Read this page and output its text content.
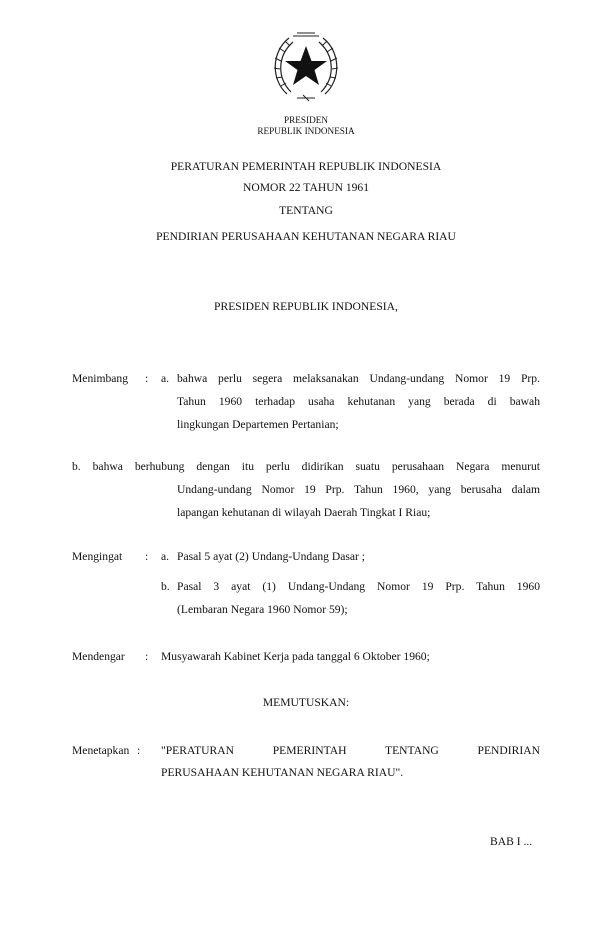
PRESIDEN
REPUBLIK INDONESIA
PERATURAN PEMERINTAH REPUBLIK INDONESIA
NOMOR 22 TAHUN 1961
TENTANG
PENDIRIAN PERUSAHAAN KEHUTANAN NEGARA RIAU
PRESIDEN REPUBLIK INDONESIA,
Menimbang : a. bahwa perlu segera melaksanakan Undang-undang Nomor 19 Prp.
Tahun 1960 terhadap usaha kehutanan yang berada di bawah
lingkungan Departemen Pertanian;
b. bahwa berhubung dengan itu perlu didirikan suatu perusahaan Negara menurut
Undang-undang Nomor 19 Prp. Tahun 1960, yang berusaha dalam
lapangan kehutanan di wilayah Daerah Tingkat I Riau;
Mengingat : a. Pasal 5 ayat (2) Undang-Undang Dasar ;
b. Pasal 3 ayat (1) Undang-Undang Nomor 19 Prp. Tahun 1960
(Lembaran Negara 1960 Nomor 59);
Mendengar : Musyawarah Kabinet Kerja pada tanggal 6 Oktober 1960;
MEMUTUSKAN:
Menetapkan : "PERATURAN PEMERINTAH TENTANG PENDIRIAN
PERUSAHAAN KEHUTANAN NEGARA RIAU".
BAB I ...
